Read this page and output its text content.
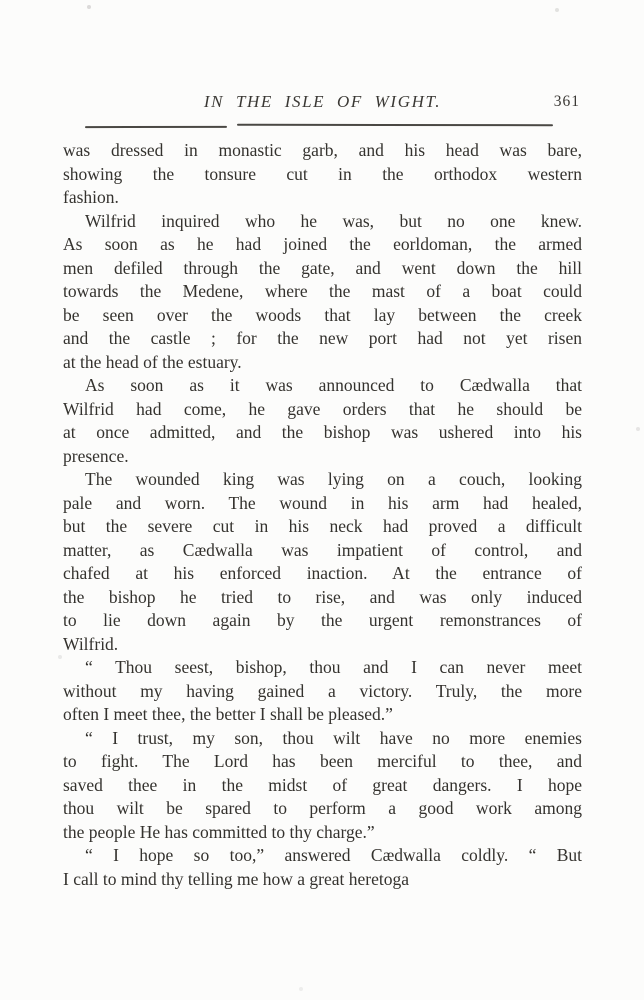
IN THE ISLE OF WIGHT.	361
was dressed in monastic garb, and his head was bare,
showing the tonsure cut in the orthodox western
fashion.
Wilfrid inquired who he was, but no one knew.
As soon as he had joined the eorldoman, the armed
men defiled through the gate, and went down the hill
towards the Medene, where the mast of a boat could
be seen over the woods that lay between the creek
and the castle ; for the new port had not yet risen
at the head of the estuary.
As soon as it was announced to Cædwalla that
Wilfrid had come, he gave orders that he should be
at once admitted, and the bishop was ushered into his
presence.
The wounded king was lying on a couch, looking
pale and worn. The wound in his arm had healed,
but the severe cut in his neck had proved a difficult
matter, as Cædwalla was impatient of control, and
chafed at his enforced inaction. At the entrance of
the bishop he tried to rise, and was only induced
to lie down again by the urgent remonstrances of
Wilfrid.
“ Thou seest, bishop, thou and I can never meet
without my having gained a victory. Truly, the more
often I meet thee, the better I shall be pleased.”
“ I trust, my son, thou wilt have no more enemies
to fight. The Lord has been merciful to thee, and
saved thee in the midst of great dangers. I hope
thou wilt be spared to perform a good work among
the people He has committed to thy charge.”
“ I hope so too,” answered Cædwalla coldly. “ But
I call to mind thy telling me how a great heretoga
